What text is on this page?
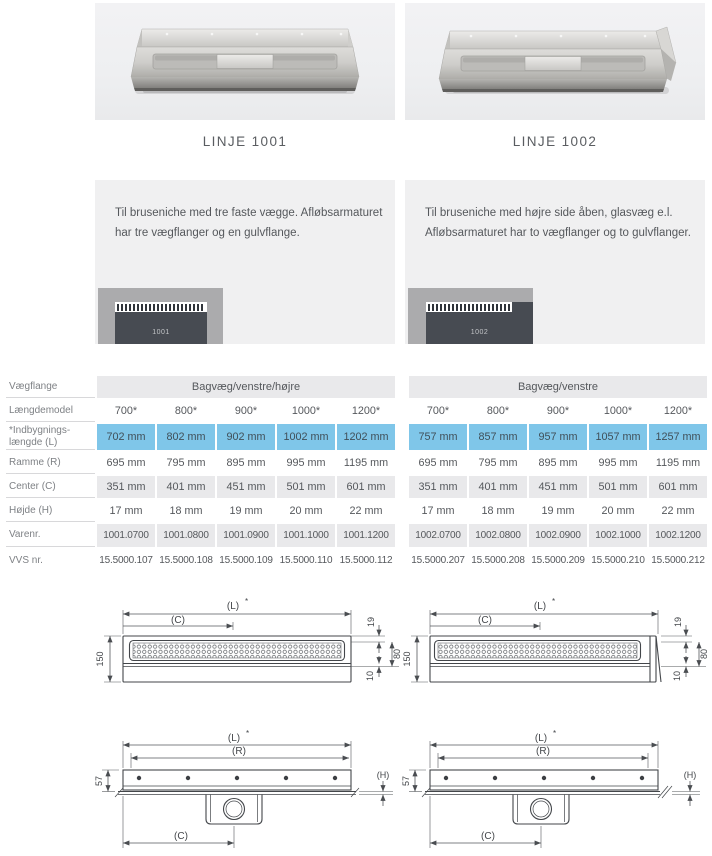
LINJE 1001
Til bruseniche med tre faste vægge. Afløbsarmaturet har tre vægflanger og en gulvflange.
1001
LINJE 1002
Til bruseniche med højre side åben, glasvæg e.l. Afløbsarmaturet har to vægflanger og to gulvflanger.
1002
Vægflange	Bagvæg/venstre/højre	Bagvæg/venstre
Længdemodel	700*	800*	900*	1000*	1200*	700*	800*	900*	1000*	1200*
*Indbygnings-
længde (L)	702 mm	802 mm	902 mm	1002 mm	1202 mm	757 mm	857 mm	957 mm	1057 mm	1257 mm
Ramme (R)	695 mm	795 mm	895 mm	995 mm	1195 mm	695 mm	795 mm	895 mm	995 mm	1195 mm
Center (C)	351 mm	401 mm	451 mm	501 mm	601 mm	351 mm	401 mm	451 mm	501 mm	601 mm
Højde (H)	17 mm	18 mm	19 mm	20 mm	22 mm	17 mm	18 mm	19 mm	20 mm	22 mm
Varenr.	1001.0700	1001.0800	1001.0900	1001.1000	1001.1200	1002.0700	1002.0800	1002.0900	1002.1000	1002.1200
VVS nr.	15.5000.107 15.5000.108 15.5000.109 15.5000.110 15.5000.112 15.5000.207 15.5000.208 15.5000.209 15.5000.210 15.5000.212
(L) *
(C)
150
19
80
10
(L) *
(C)
150
19
80
10
(L) *
(R)
57
(H)
(C)
(L) *
(R)
57
(H)
(C)
